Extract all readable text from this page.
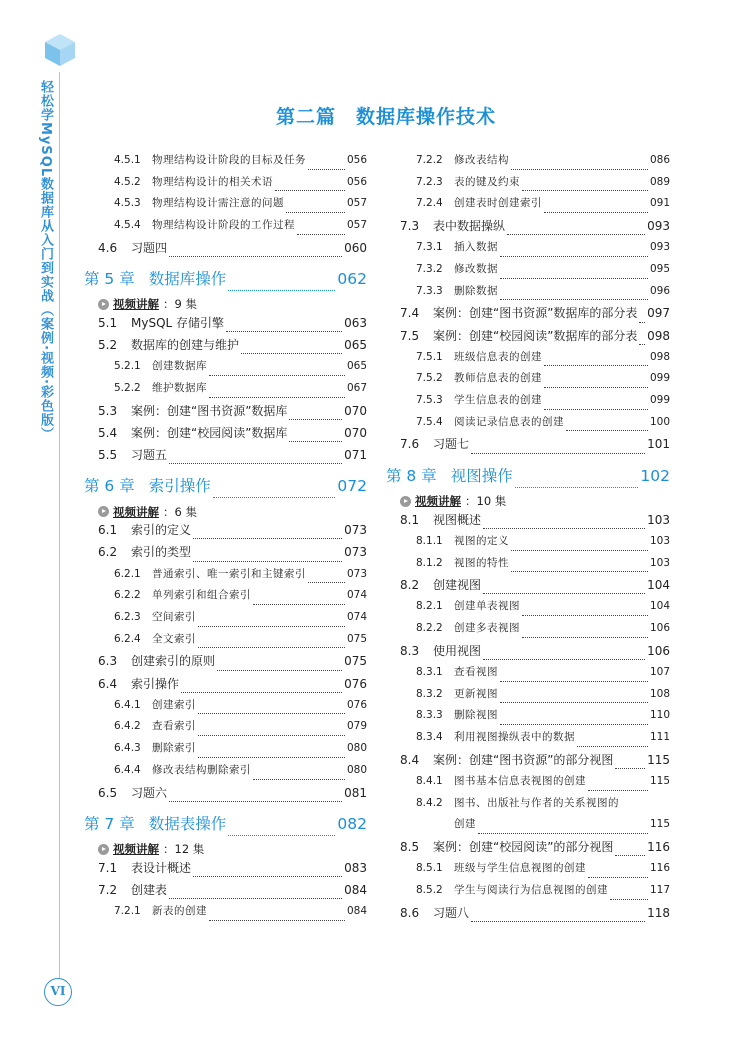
轻松学MySQL数据库从入门到实战（案例·视频·彩色版）
VI
第二篇　数据库操作技术
4.5.1	物理结构设计阶段的目标及任务	056
4.5.2	物理结构设计的相关术语	056
4.5.3	物理结构设计需注意的问题	057
4.5.4	物理结构设计阶段的工作过程	057
4.6	习题四	060
第 5 章 数据库操作	062
视频讲解 ：9 集
5.1	MySQL 存储引擎	063
5.2	数据库的创建与维护	065
5.2.1	创建数据库	065
5.2.2	维护数据库	067
5.3	案例：创建“图书资源”数据库	070
5.4	案例：创建“校园阅读”数据库	070
5.5	习题五	071
第 6 章 索引操作	072
视频讲解 ：6 集
6.1	索引的定义	073
6.2	索引的类型	073
6.2.1	普通索引、唯一索引和主键索引	073
6.2.2	单列索引和组合索引	074
6.2.3	空间索引	074
6.2.4	全文索引	075
6.3	创建索引的原则	075
6.4	索引操作	076
6.4.1	创建索引	076
6.4.2	查看索引	079
6.4.3	删除索引	080
6.4.4	修改表结构删除索引	080
6.5	习题六	081
第 7 章 数据表操作	082
视频讲解 ：12 集
7.1	表设计概述	083
7.2	创建表	084
7.2.1	新表的创建	084
7.2.2	修改表结构	086
7.2.3	表的键及约束	089
7.2.4	创建表时创建索引	091
7.3	表中数据操纵	093
7.3.1	插入数据	093
7.3.2	修改数据	095
7.3.3	删除数据	096
7.4	案例：创建“图书资源”数据库的部分表 097
7.5	案例：创建“校园阅读”数据库的部分表 098
7.5.1	班级信息表的创建	098
7.5.2	教师信息表的创建	099
7.5.3	学生信息表的创建	099
7.5.4	阅读记录信息表的创建	100
7.6	习题七	101
第 8 章 视图操作	102
视频讲解 ：10 集
8.1	视图概述	103
8.1.1	视图的定义	103
8.1.2	视图的特性	103
8.2	创建视图	104
8.2.1	创建单表视图	104
8.2.2	创建多表视图	106
8.3	使用视图	106
8.3.1	查看视图	107
8.3.2	更新视图	108
8.3.3	删除视图	110
8.3.4	利用视图操纵表中的数据	111
8.4	案例：创建“图书资源”的部分视图	115
8.4.1	图书基本信息表视图的创建	115
8.4.2	图书、出版社与作者的关系视图的
创建	115
8.5	案例：创建“校园阅读”的部分视图	116
8.5.1	班级与学生信息视图的创建	116
8.5.2	学生与阅读行为信息视图的创建	117
8.6	习题八	118
